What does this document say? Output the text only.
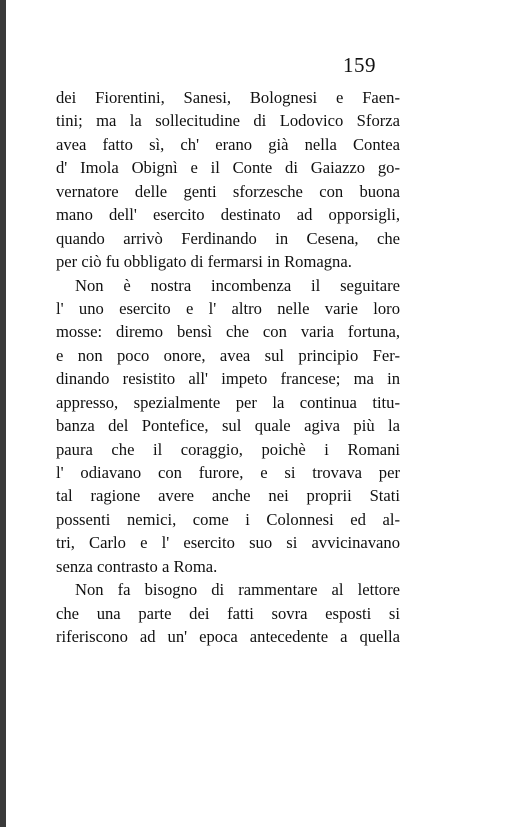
159
dei Fiorentini, Sanesi, Bolognesi e Faen-
tini; ma la sollecitudine di Lodovico Sforza
avea fatto sì, ch' erano già nella Contea
d' Imola Obignì e il Conte di Gaiazzo go-
vernatore delle genti sforzesche con buona
mano dell' esercito destinato ad opporsigli,
quando arrivò Ferdinando in Cesena, che
per ciò fu obbligato di fermarsi in Romagna.
Non è nostra incombenza il seguitare
l' uno esercito e l' altro nelle varie loro
mosse: diremo bensì che con varia fortuna,
e non poco onore, avea sul principio Fer-
dinando resistito all' impeto francese; ma in
appresso, spezialmente per la continua titu-
banza del Pontefice, sul quale agiva più la
paura che il coraggio, poichè i Romani
l' odiavano con furore, e si trovava per
tal ragione avere anche nei proprii Stati
possenti nemici, come i Colonnesi ed al-
tri, Carlo e l' esercito suo si avvicinavano
senza contrasto a Roma.
Non fa bisogno di rammentare al lettore
che una parte dei fatti sovra esposti si
riferiscono ad un' epoca antecedente a quella
